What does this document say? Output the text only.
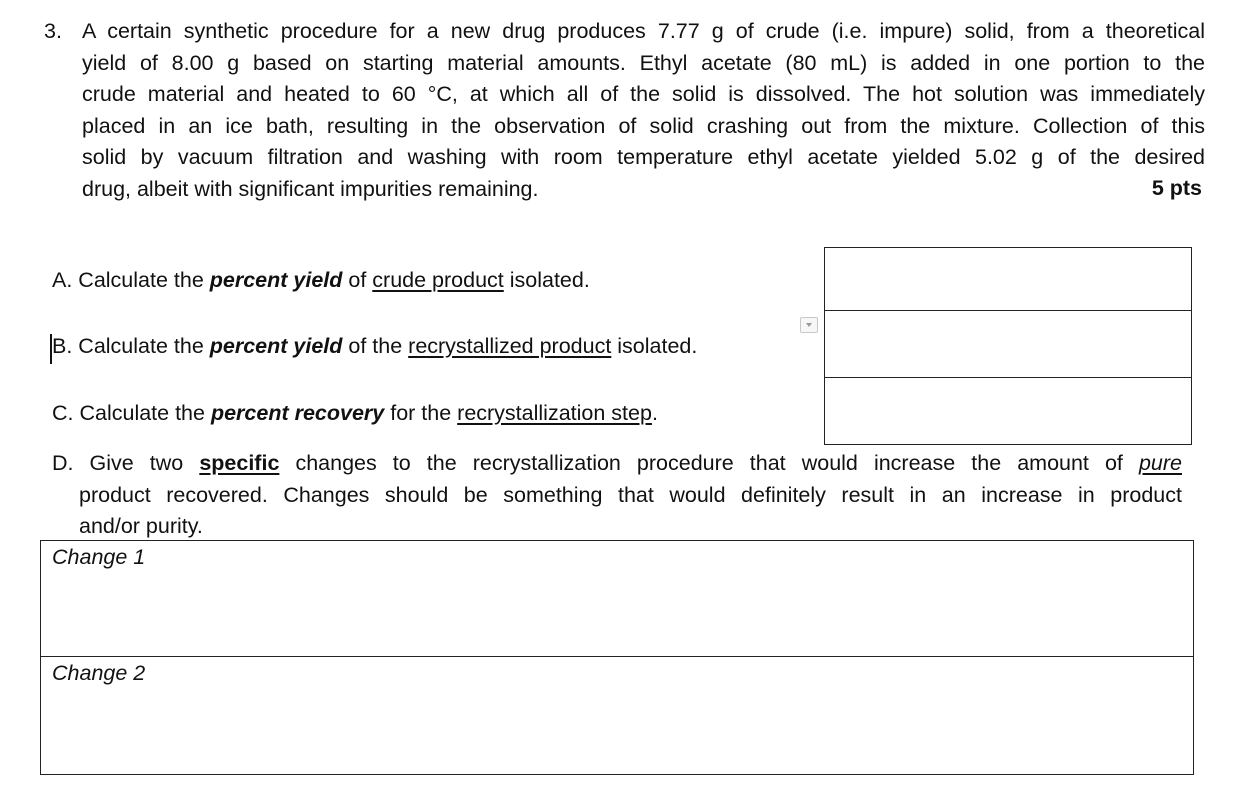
3. A certain synthetic procedure for a new drug produces 7.77 g of crude (i.e. impure) solid, from a theoretical
yield of 8.00 g based on starting material amounts. Ethyl acetate (80 mL) is added in one portion to the
crude material and heated to 60 °C, at which all of the solid is dissolved. The hot solution was immediately
placed in an ice bath, resulting in the observation of solid crashing out from the mixture. Collection of this
solid by vacuum filtration and washing with room temperature ethyl acetate yielded 5.02 g of the desired
drug, albeit with significant impurities remaining.	5 pts
A. Calculate the percent yield of crude product isolated.
B. Calculate the percent yield of the recrystallized product isolated.
C. Calculate the percent recovery for the recrystallization step.
D. Give two specific changes to the recrystallization procedure that would increase the amount of pure
product recovered. Changes should be something that would definitely result in an increase in product
and/or purity.
Change 1
Change 2
